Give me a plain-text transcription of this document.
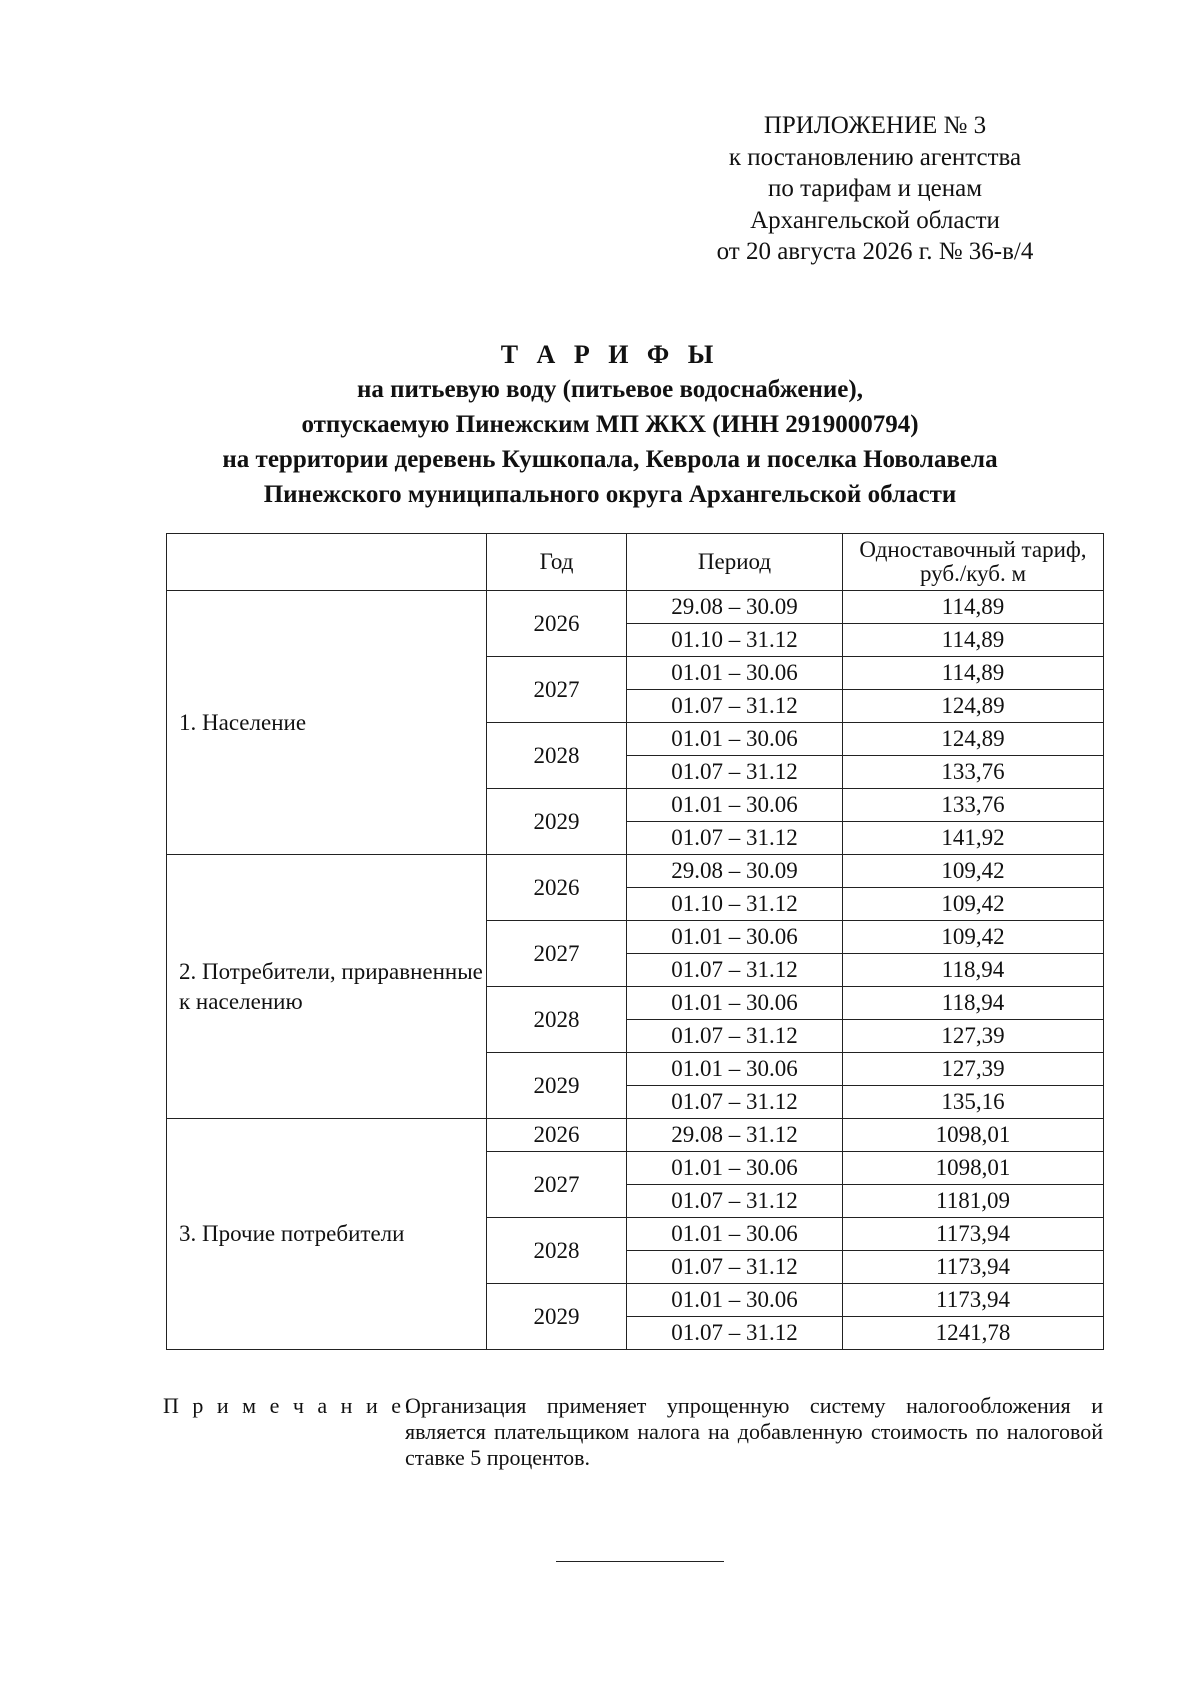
ПРИЛОЖЕНИЕ № 3
к постановлению агентства
по тарифам и ценам
Архангельской области
от 20 августа 2026 г. № 36-в/4
Т А Р И Ф Ы
на питьевую воду (питьевое водоснабжение),
отпускаемую Пинежским МП ЖКХ (ИНН 2919000794)
на территории деревень Кушкопала, Кеврола и поселка Новолавела
Пинежского муниципального округа Архангельской области
	Год	Период	Одноставочный тариф, руб./куб. м
1. Население	2026	29.08 – 30.09	114,89
		01.10 – 31.12	114,89
	2027	01.01 – 30.06	114,89
		01.07 – 31.12	124,89
	2028	01.01 – 30.06	124,89
		01.07 – 31.12	133,76
	2029	01.01 – 30.06	133,76
		01.07 – 31.12	141,92
2. Потребители, приравненные к населению	2026	29.08 – 30.09	109,42
		01.10 – 31.12	109,42
	2027	01.01 – 30.06	109,42
		01.07 – 31.12	118,94
	2028	01.01 – 30.06	118,94
		01.07 – 31.12	127,39
	2029	01.01 – 30.06	127,39
		01.07 – 31.12	135,16
3. Прочие потребители	2026	29.08 – 31.12	1098,01
	2027	01.01 – 30.06	1098,01
		01.07 – 31.12	1181,09
	2028	01.01 – 30.06	1173,94
		01.07 – 31.12	1173,94
	2029	01.01 – 30.06	1173,94
		01.07 – 31.12	1241,78
П р и м е ч а н и е.
Организация применяет упрощенную систему налогообложения и является плательщиком налога на добавленную стоимость по налоговой ставке 5 процентов.
